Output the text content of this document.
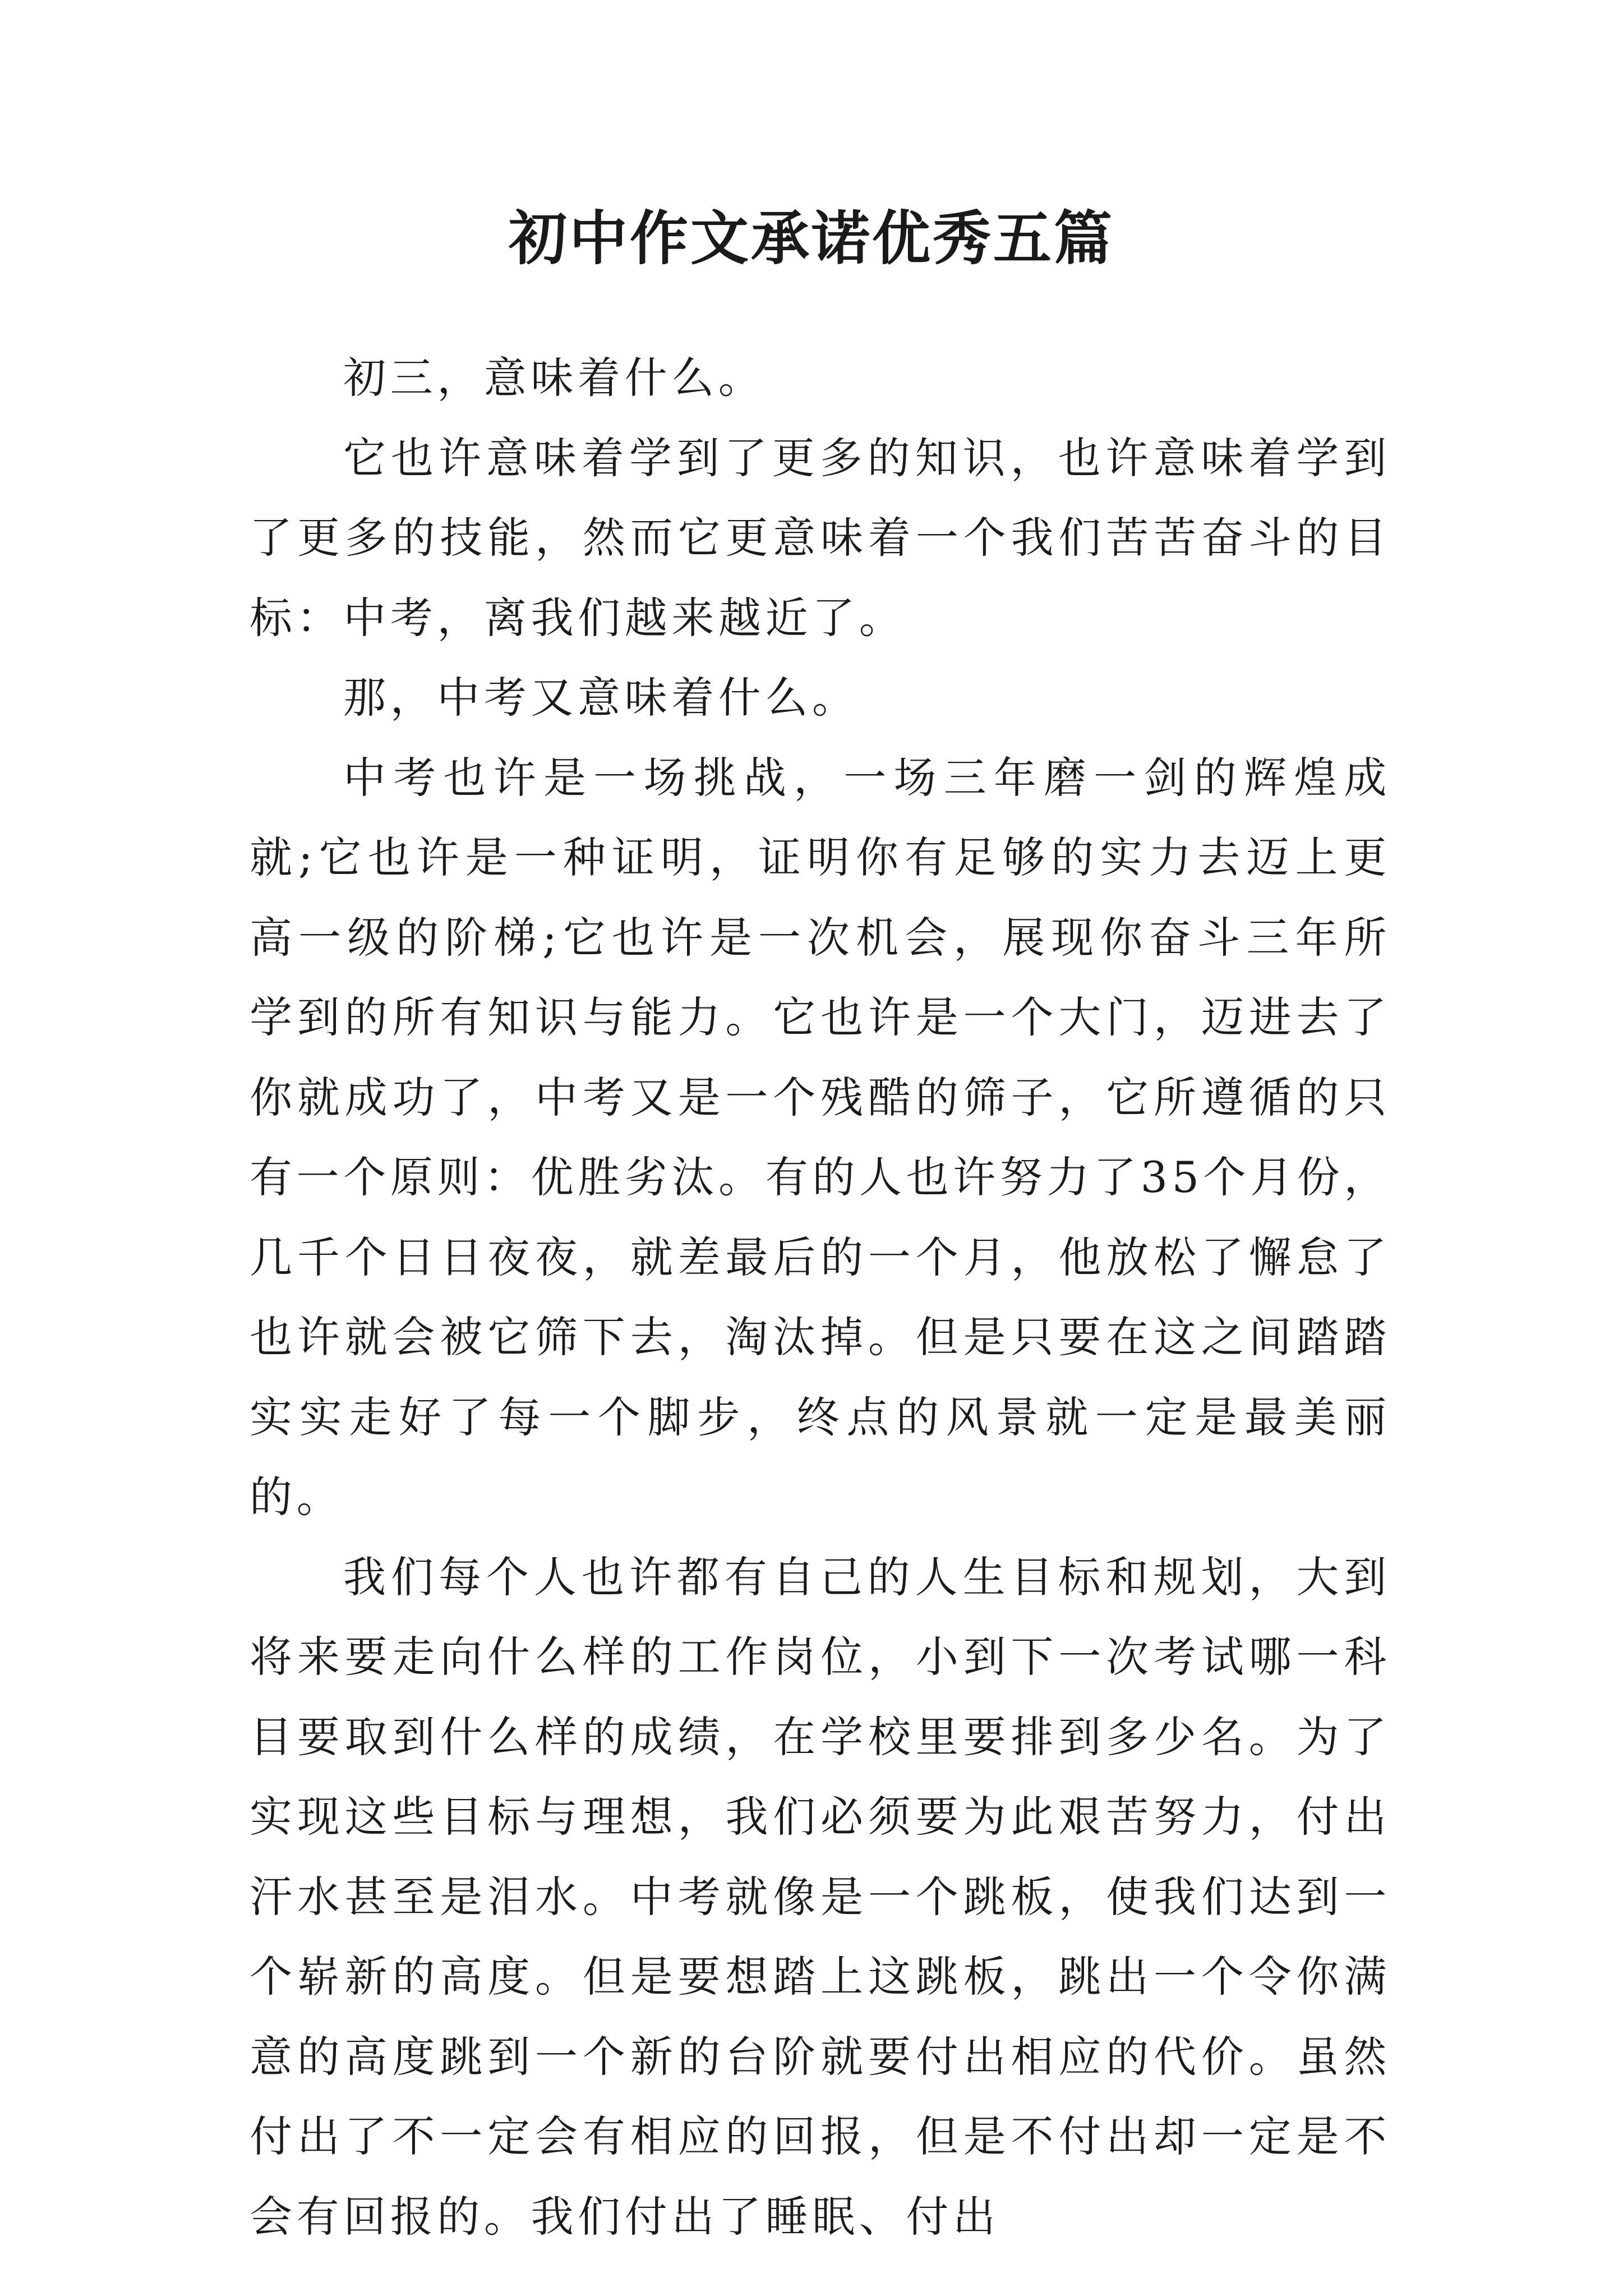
初中作文承诺优秀五篇

初三，意味着什么。

它也许意味着学到了更多的知识，也许意味着学到了更多的技能，然而它更意味着一个我们苦苦奋斗的目标：中考，离我们越来越近了。

那，中考又意味着什么。

中考也许是一场挑战，一场三年磨一剑的辉煌成就;它也许是一种证明，证明你有足够的实力去迈上更高一级的阶梯;它也许是一次机会，展现你奋斗三年所学到的所有知识与能力。它也许是一个大门，迈进去了你就成功了，中考又是一个残酷的筛子，它所遵循的只有一个原则：优胜劣汰。有的人也许努力了35个月份，几千个日日夜夜，就差最后的一个月，他放松了懈怠了也许就会被它筛下去，淘汰掉。但是只要在这之间踏踏实实走好了每一个脚步，终点的风景就一定是最美丽的。

我们每个人也许都有自己的人生目标和规划，大到将来要走向什么样的工作岗位，小到下一次考试哪一科目要取到什么样的成绩，在学校里要排到多少名。为了实现这些目标与理想，我们必须要为此艰苦努力，付出汗水甚至是泪水。中考就像是一个跳板，使我们达到一个崭新的高度。但是要想踏上这跳板，跳出一个令你满意的高度跳到一个新的台阶就要付出相应的代价。虽然付出了不一定会有相应的回报，但是不付出却一定是不会有回报的。我们付出了睡眠、付出
